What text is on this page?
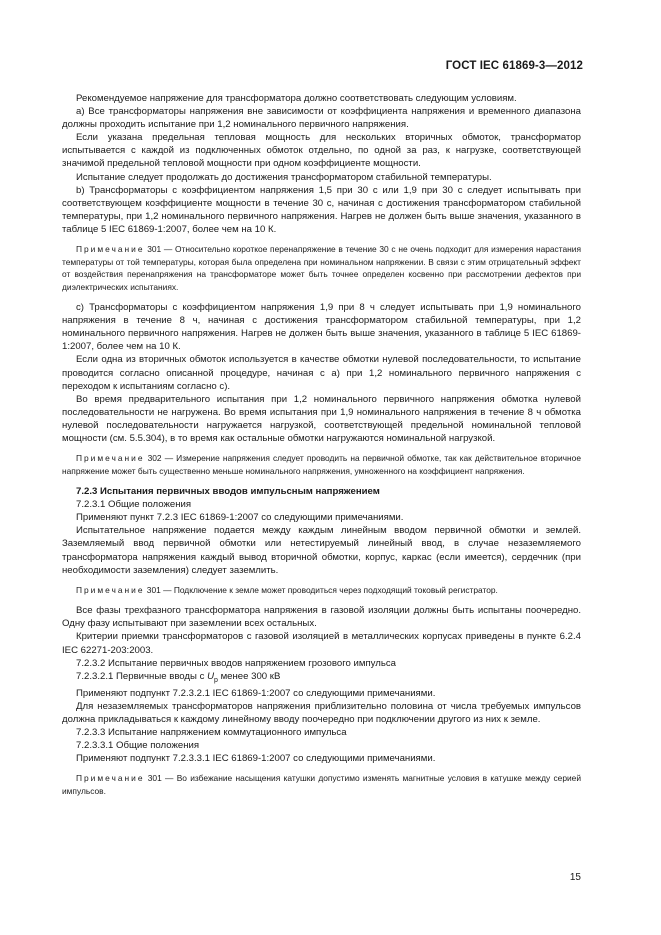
ГОСТ IEC 61869-3—2012

Рекомендуемое напряжение для трансформатора должно соответствовать следующим условиям.

a) Все трансформаторы напряжения вне зависимости от коэффициента напряжения и временного диапазона должны проходить испытание при 1,2 номинального первичного напряжения.

Если указана предельная тепловая мощность для нескольких вторичных обмоток, трансформатор испытывается с каждой из подключенных обмоток отдельно, по одной за раз, к нагрузке, соответствующей значимой предельной тепловой мощности при одном коэффициенте мощности.

Испытание следует продолжать до достижения трансформатором стабильной температуры.

b) Трансформаторы с коэффициентом напряжения 1,5 при 30 с или 1,9 при 30 с следует испытывать при соответствующем коэффициенте мощности в течение 30 с, начиная с достижения трансформатором стабильной температуры, при 1,2 номинального первичного напряжения. Нагрев не должен быть выше значения, указанного в таблице 5 IEC 61869-1:2007, более чем на 10 К.

Примечание 301 — Относительно короткое перенапряжение в течение 30 с не очень подходит для измерения нарастания температуры от той температуры, которая была определена при номинальном напряжении. В связи с этим отрицательный эффект от воздействия перенапряжения на трансформаторе может быть точнее определен косвенно при рассмотрении дефектов при диэлектрических испытаниях.

c) Трансформаторы с коэффициентом напряжения 1,9 при 8 ч следует испытывать при 1,9 номинального напряжения в течение 8 ч, начиная с достижения трансформатором стабильной температуры, при 1,2 номинального первичного напряжения. Нагрев не должен быть выше значения, указанного в таблице 5 IEC 61869-1:2007, более чем на 10 К.

Если одна из вторичных обмоток используется в качестве обмотки нулевой последовательности, то испытание проводится согласно описанной процедуре, начиная с a) при 1,2 номинального первичного напряжения с переходом к испытаниям согласно c).

Во время предварительного испытания при 1,2 номинального первичного напряжения обмотка нулевой последовательности не нагружена. Во время испытания при 1,9 номинального напряжения в течение 8 ч обмотка нулевой последовательности нагружается нагрузкой, соответствующей предельной номинальной тепловой мощности (см. 5.5.304), в то время как остальные обмотки нагружаются номинальной нагрузкой.

Примечание 302 — Измерение напряжения следует проводить на первичной обмотке, так как действительное вторичное напряжение может быть существенно меньше номинального напряжения, умноженного на коэффициент напряжения.

7.2.3 Испытания первичных вводов импульсным напряжением

7.2.3.1 Общие положения

Применяют пункт 7.2.3 IEC 61869-1:2007 со следующими примечаниями.

Испытательное напряжение подается между каждым линейным вводом первичной обмотки и землей. Заземляемый ввод первичной обмотки или нетестируемый линейный ввод, в случае незаземляемого трансформатора напряжения каждый вывод вторичной обмотки, корпус, каркас (если имеется), сердечник (при необходимости заземления) следует заземлить.

Примечание 301 — Подключение к земле может проводиться через подходящий токовый регистратор.

Все фазы трехфазного трансформатора напряжения в газовой изоляции должны быть испытаны поочередно. Одну фазу испытывают при заземлении всех остальных.

Критерии приемки трансформаторов с газовой изоляцией в металлических корпусах приведены в пункте 6.2.4 IEC 62271-203:2003.

7.2.3.2 Испытание первичных вводов напряжением грозового импульса

7.2.3.2.1 Первичные вводы с $U_p$ менее 300 кВ

Применяют подпункт 7.2.3.2.1 IEC 61869-1:2007 со следующими примечаниями.

Для незаземляемых трансформаторов напряжения приблизительно половина от числа требуемых импульсов должна прикладываться к каждому линейному вводу поочередно при подключении другого из них к земле.

7.2.3.3 Испытание напряжением коммутационного импульса

7.2.3.3.1 Общие положения

Применяют подпункт 7.2.3.3.1 IEC 61869-1:2007 со следующими примечаниями.

Примечание 301 — Во избежание насыщения катушки допустимо изменять магнитные условия в катушке между серией импульсов.

15
